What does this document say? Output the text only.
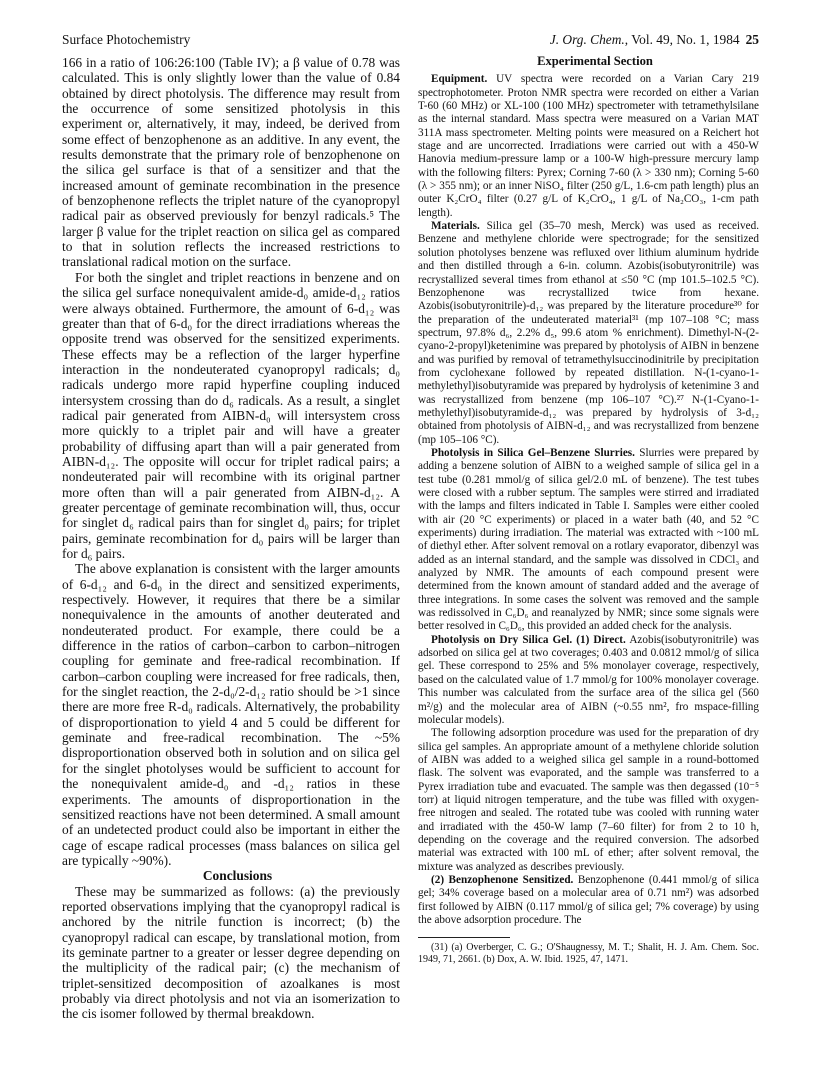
Surface Photochemistry	J. Org. Chem., Vol. 49, No. 1, 1984 25

166 in a ratio of 106:26:100 (Table IV); a β value of 0.78 was calculated. This is only slightly lower than the value of 0.84 obtained by direct photolysis. The difference may result from the occurrence of some sensitized photolysis in this experiment or, alternatively, it may, indeed, be derived from some effect of benzophenone as an additive. In any event, the results demonstrate that the primary role of benzophenone on the silica gel surface is that of a sensitizer and that the increased amount of geminate recombination in the presence of benzophenone reflects the triplet nature of the cyanopropyl radical pair as observed previously for benzyl radicals.⁵ The larger β value for the triplet reaction on silica gel as compared to that in solution reflects the increased restrictions to translational radical motion on the surface.

For both the singlet and triplet reactions in benzene and on the silica gel surface nonequivalent amide-d₀ amide-d₁₂ ratios were always obtained. Furthermore, the amount of 6-d₁₂ was greater than that of 6-d₀ for the direct irradiations whereas the opposite trend was observed for the sensitized experiments. These effects may be a reflection of the larger hyperfine interaction in the nondeuterated cyanopropyl radicals; d₀ radicals undergo more rapid hyperfine coupling induced intersystem crossing than do d₆ radicals. As a result, a singlet radical pair generated from AIBN-d₀ will intersystem cross more quickly to a triplet pair and will have a greater probability of diffusing apart than will a pair generated from AIBN-d₁₂. The opposite will occur for triplet radical pairs; a nondeuterated pair will recombine with its original partner more often than will a pair generated from AIBN-d₁₂. A greater percentage of geminate recombination will, thus, occur for singlet d₆ radical pairs than for singlet d₀ pairs; for triplet pairs, geminate recombination for d₀ pairs will be larger than for d₆ pairs.

The above explanation is consistent with the larger amounts of 6-d₁₂ and 6-d₀ in the direct and sensitized experiments, respectively. However, it requires that there be a similar nonequivalence in the amounts of another deuterated and nondeuterated product. For example, there could be a difference in the ratios of carbon–carbon to carbon–nitrogen coupling for geminate and free-radical recombination. If carbon–carbon coupling were increased for free radicals, then, for the singlet reaction, the 2-d₀/2-d₁₂ ratio should be >1 since there are more free R-d₀ radicals. Alternatively, the probability of disproportionation to yield 4 and 5 could be different for geminate and free-radical recombination. The ~5% disproportionation observed both in solution and on silica gel for the singlet photolyses would be sufficient to account for the nonequivalent amide-d₀ and -d₁₂ ratios in these experiments. The amounts of disproportionation in the sensitized reactions have not been determined. A small amount of an undetected product could also be important in either the cage of escape radical processes (mass balances on silica gel are typically ~90%).

Conclusions

These may be summarized as follows: (a) the previously reported observations implying that the cyanopropyl radical is anchored by the nitrile function is incorrect; (b) the cyanopropyl radical can escape, by translational motion, from its geminate partner to a greater or lesser degree depending on the multiplicity of the radical pair; (c) the mechanism of triplet-sensitized decomposition of azoalkanes is most probably via direct photolysis and not via an isomerization to the cis isomer followed by thermal breakdown.

Experimental Section

Equipment. UV spectra were recorded on a Varian Cary 219 spectrophotometer. Proton NMR spectra were recorded on either a Varian T-60 (60 MHz) or XL-100 (100 MHz) spectrometer with tetramethylsilane as the internal standard. Mass spectra were measured on a Varian MAT 311A mass spectrometer. Melting points were measured on a Reichert hot stage and are uncorrected. Irradiations were carried out with a 450-W Hanovia medium-pressure lamp or a 100-W high-pressure mercury lamp with the following filters: Pyrex; Corning 7-60 (λ > 330 nm); Corning 5-60 (λ > 355 nm); or an inner NiSO₄ filter (250 g/L, 1.6-cm path length) plus an outer K₂CrO₄ filter (0.27 g/L of K₂CrO₄, 1 g/L of Na₂CO₃, 1-cm path length).

Materials. Silica gel (35–70 mesh, Merck) was used as received. Benzene and methylene chloride were spectrograde; for the sensitized solution photolyses benzene was refluxed over lithium aluminum hydride and then distilled through a 6-in. column. Azobis(isobutyronitrile) was recrystallized several times from ethanol at ≤50 °C (mp 101.5–102.5 °C). Benzophenone was recrystallized twice from hexane. Azobis(isobutyronitrile)-d₁₂ was prepared by the literature procedure³⁰ for the preparation of the undeuterated material³¹ (mp 107–108 °C; mass spectrum, 97.8% d₆, 2.2% d₅, 99.6 atom % enrichment). Dimethyl-N-(2-cyano-2-propyl)ketenimine was prepared by photolysis of AIBN in benzene and was purified by removal of tetramethylsuccinodinitrile by precipitation from cyclohexane followed by repeated distillation. N-(1-cyano-1-methylethyl)isobutyramide was prepared by hydrolysis of ketenimine 3 and was recrystallized from benzene (mp 106–107 °C).²⁷ N-(1-Cyano-1-methylethyl)isobutyramide-d₁₂ was prepared by hydrolysis of 3-d₁₂ obtained from photolysis of AIBN-d₁₂ and was recrystallized from benzene (mp 105–106 °C).

Photolysis in Silica Gel–Benzene Slurries. Slurries were prepared by adding a benzene solution of AIBN to a weighed sample of silica gel in a test tube (0.281 mmol/g of silica gel/2.0 mL of benzene). The test tubes were closed with a rubber septum. The samples were stirred and irradiated with the lamps and filters indicated in Table I. Samples were either cooled with air (20 °C experiments) or placed in a water bath (40, and 52 °C experiments) during irradiation. The material was extracted with ~100 mL of diethyl ether. After solvent removal on a rotlary evaporator, dibenzyl was added as an internal standard, and the sample was dissolved in CDCl₃ and analyzed by NMR. The amounts of each compound present were determined from the known amount of standard added and the average of three integrations. In some cases the solvent was removed and the sample was redissolved in C₆D₆ and reanalyzed by NMR; since some signals were better resolved in C₆D₆, this provided an added check for the analysis.

Photolysis on Dry Silica Gel. (1) Direct. Azobis(isobutyronitrile) was adsorbed on silica gel at two coverages; 0.403 and 0.0812 mmol/g of silica gel. These correspond to 25% and 5% monolayer coverage, respectively, based on the calculated value of 1.7 mmol/g for 100% monolayer coverage. This number was calculated from the surface area of the silica gel (560 m²/g) and the molecular area of AIBN (~0.55 nm², fro mspace-filling molecular models).

The following adsorption procedure was used for the preparation of dry silica gel samples. An appropriate amount of a methylene chloride solution of AIBN was added to a weighed silica gel sample in a round-bottomed flask. The solvent was evaporated, and the sample was transferred to a Pyrex irradiation tube and evacuated. The sample was then degassed (10⁻⁵ torr) at liquid nitrogen temperature, and the tube was filled with oxygen-free nitrogen and sealed. The rotated tube was cooled with running water and irradiated with the 450-W lamp (7–60 filter) for from 2 to 10 h, depending on the coverage and the required conversion. The adsorbed material was extracted with 100 mL of ether; after solvent removal, the mixture was analyzed as describes previously.

(2) Benzophenone Sensitized. Benzophenone (0.441 mmol/g of silica gel; 34% coverage based on a molecular area of 0.71 nm²) was adsorbed first followed by AIBN (0.117 mmol/g of silica gel; 7% coverage) by using the above adsorption procedure. The

(31) (a) Overberger, C. G.; O'Shaugnessy, M. T.; Shalit, H. J. Am. Chem. Soc. 1949, 71, 2661. (b) Dox, A. W. Ibid. 1925, 47, 1471.
